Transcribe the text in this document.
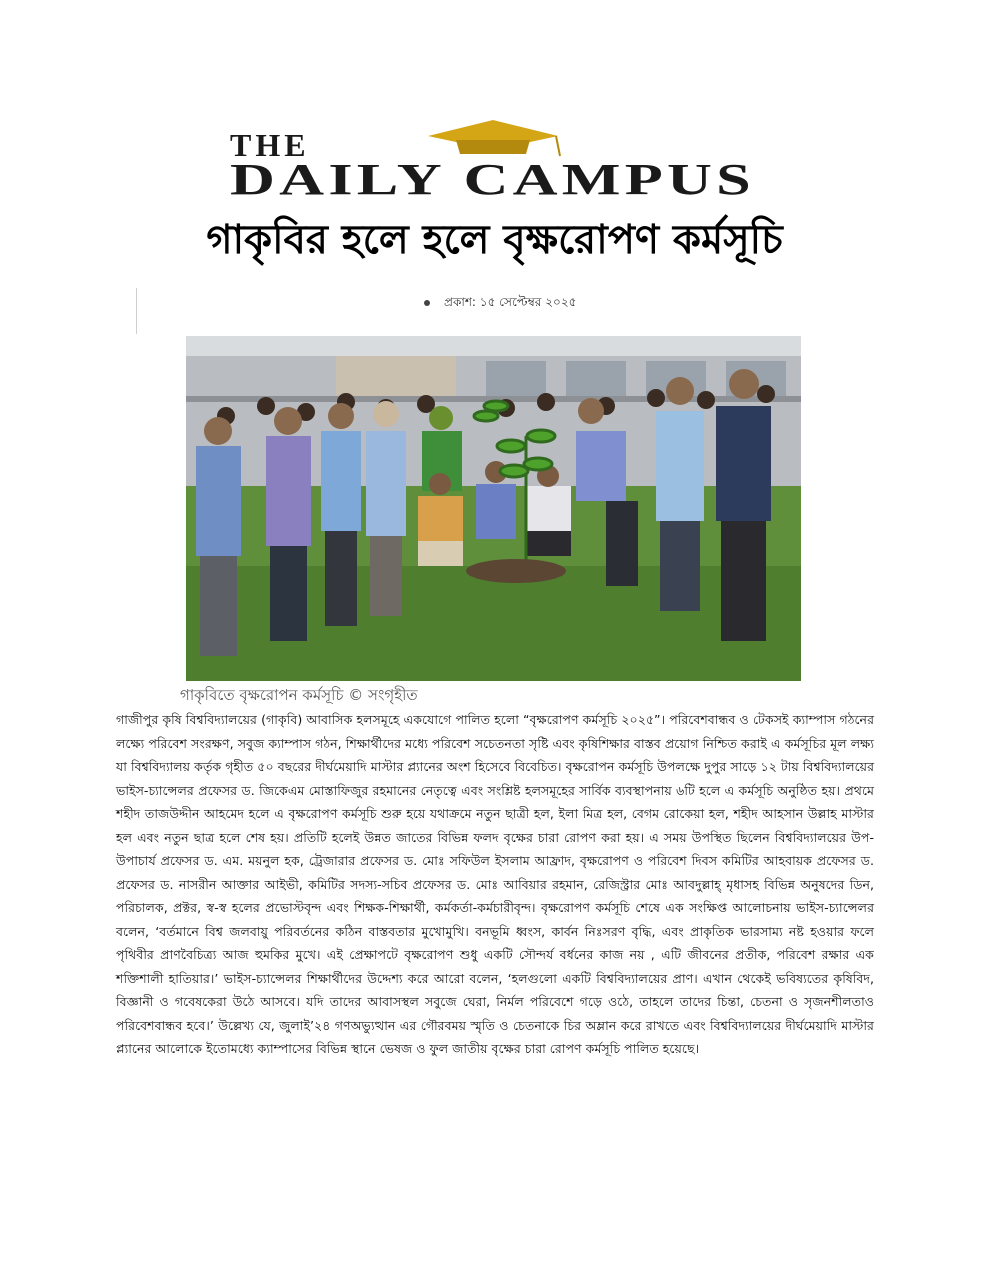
THE
DAILY CAMPUS
গাকৃবির হলে হলে বৃক্ষরোপণ কর্মসূচি
প্রকাশ: ১৫ সেপ্টেম্বর ২০২৫
গাকৃবিতে বৃক্ষরোপন কর্মসূচি © সংগৃহীত
গাজীপুর কৃষি বিশ্ববিদ্যালয়ের (গাকৃবি) আবাসিক হলসমূহে একযোগে পালিত হলো “বৃক্ষরোপণ কর্মসূচি ২০২৫”। পরিবেশবান্ধব ও টেকসই ক্যাম্পাস গঠনের লক্ষ্যে পরিবেশ সংরক্ষণ, সবুজ ক্যাম্পাস গঠন, শিক্ষার্থীদের মধ্যে পরিবেশ সচেতনতা সৃষ্টি এবং কৃষিশিক্ষার বাস্তব প্রয়োগ নিশ্চিত করাই এ কর্মসূচির মূল লক্ষ্য যা বিশ্ববিদ্যালয় কর্তৃক গৃহীত ৫০ বছরের দীর্ঘমেয়াদি মাস্টার প্ল্যানের অংশ হিসেবে বিবেচিত। বৃক্ষরোপন কর্মসূচি উপলক্ষে দুপুর সাড়ে ১২ টায় বিশ্ববিদ্যালয়ের ভাইস-চ্যান্সেলর প্রফেসর ড. জিকেএম মোস্তাফিজুর রহমানের নেতৃত্বে এবং সংশ্লিষ্ট হলসমূহের সার্বিক ব্যবস্থাপনায় ৬টি হলে এ কর্মসূচি অনুষ্ঠিত হয়। প্রথমে শহীদ তাজউদ্দীন আহমেদ হলে এ বৃক্ষরোপণ কর্মসূচি শুরু হয়ে যথাক্রমে নতুন ছাত্রী হল, ইলা মিত্র হল, বেগম রোকেয়া হল, শহীদ আহসান উল্লাহ মাস্টার হল এবং নতুন ছাত্র হলে শেষ হয়। প্রতিটি হলেই উন্নত জাতের বিভিন্ন ফলদ বৃক্ষের চারা রোপণ করা হয়। এ সময় উপস্থিত ছিলেন বিশ্ববিদ্যালয়ের উপ-উপাচার্য প্রফেসর ড. এম. ময়নুল হক, ট্রেজারার প্রফেসর ড. মোঃ সফিউল ইসলাম আফ্রাদ, বৃক্ষরোপণ ও পরিবেশ দিবস কমিটির আহবায়ক প্রফেসর ড. প্রফেসর ড. নাসরীন আক্তার আইভী, কমিটির সদস্য-সচিব প্রফেসর ড. মোঃ আবিয়ার রহমান, রেজিস্ট্রার মোঃ আবদুল্লাহ্ মৃধাসহ বিভিন্ন অনুষদের ডিন, পরিচালক, প্রক্টর, স্ব-স্ব হলের প্রভোস্টবৃন্দ এবং শিক্ষক-শিক্ষার্থী, কর্মকর্তা-কর্মচারীবৃন্দ। বৃক্ষরোপণ কর্মসূচি শেষে এক সংক্ষিপ্ত আলোচনায় ভাইস-চ্যান্সেলর বলেন, ‘বর্তমানে বিশ্ব জলবায়ু পরিবর্তনের কঠিন বাস্তবতার মুখোমুখি। বনভূমি ধ্বংস, কার্বন নিঃসরণ বৃদ্ধি, এবং প্রাকৃতিক ভারসাম্য নষ্ট হওয়ার ফলে পৃথিবীর প্রাণবৈচিত্র্য আজ হুমকির মুখে। এই প্রেক্ষাপটে বৃক্ষরোপণ শুধু একটি সৌন্দর্য বর্ধনের কাজ নয় , এটি জীবনের প্রতীক, পরিবেশ রক্ষার এক শক্তিশালী হাতিয়ার।’ ভাইস-চ্যান্সেলর শিক্ষার্থীদের উদ্দেশ্য করে আরো বলেন, ‘হলগুলো একটি বিশ্ববিদ্যালয়ের প্রাণ। এখান থেকেই ভবিষ্যতের কৃষিবিদ, বিজ্ঞানী ও গবেষকেরা উঠে আসবে। যদি তাদের আবাসস্থল সবুজে ঘেরা, নির্মল পরিবেশে গড়ে ওঠে, তাহলে তাদের চিন্তা, চেতনা ও সৃজনশীলতাও পরিবেশবান্ধব হবে।’ উল্লেখ্য যে, জুলাই’২৪ গণঅভ্যুত্থান এর গৌরবময় স্মৃতি ও চেতনাকে চির অম্লান করে রাখতে এবং বিশ্ববিদ্যালয়ের দীর্ঘমেয়াদি মাস্টার প্ল্যানের আলোকে ইতোমধ্যে ক্যাম্পাসের বিভিন্ন স্থানে ভেষজ ও ফুল জাতীয় বৃক্ষের চারা রোপণ কর্মসূচি পালিত হয়েছে।
